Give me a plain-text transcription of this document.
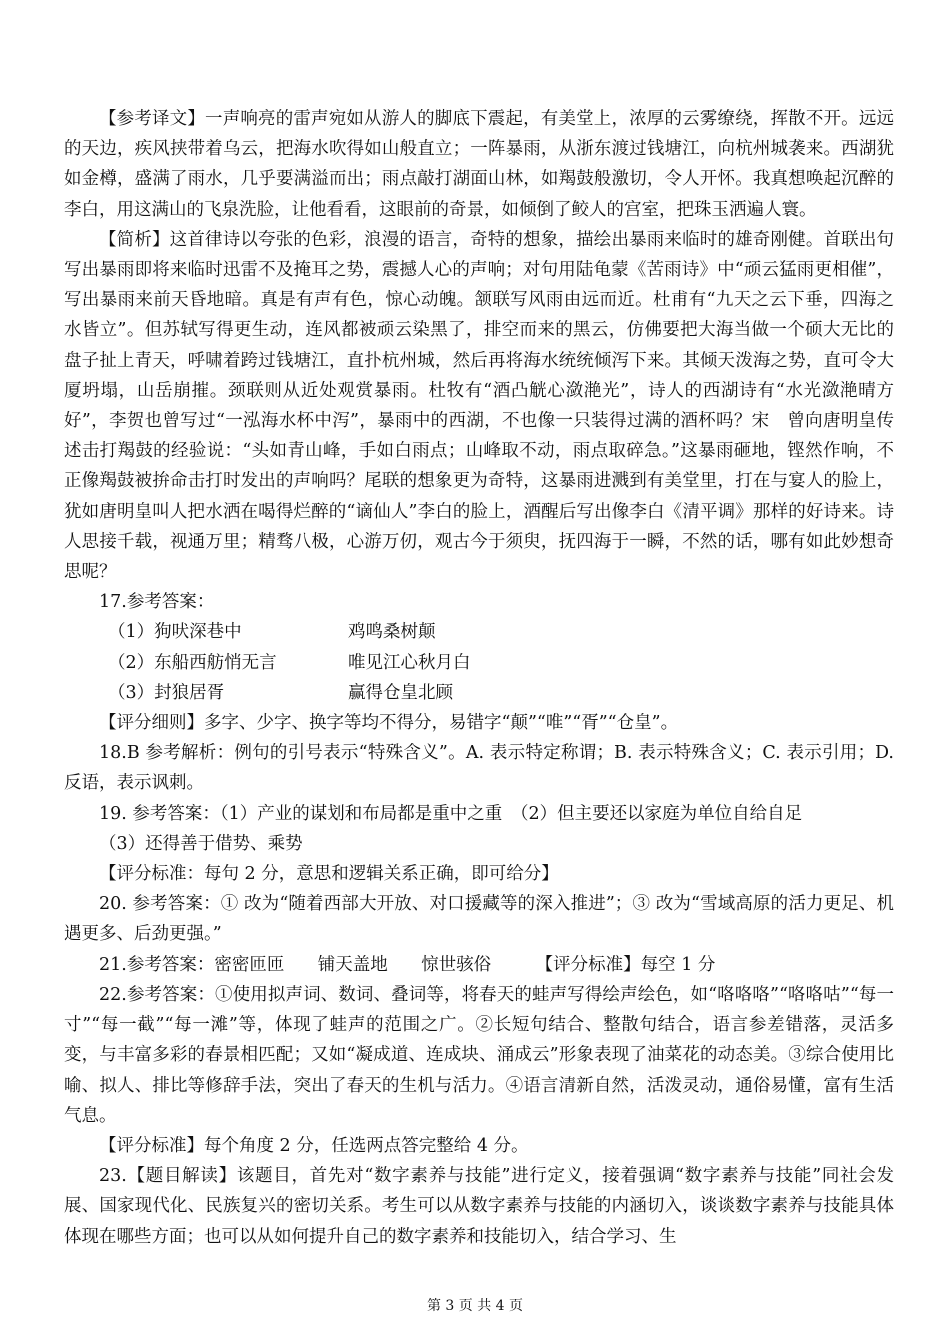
【参考译文】一声响亮的雷声宛如从游人的脚底下震起，有美堂上，浓厚的云雾缭绕，挥散不开。远远的天边，疾风挟带着乌云，把海水吹得如山般直立；一阵暴雨，从浙东渡过钱塘江，向杭州城袭来。西湖犹如金樽，盛满了雨水，几乎要满溢而出；雨点敲打湖面山林，如羯鼓般激切，令人开怀。我真想唤起沉醉的李白，用这满山的飞泉洗脸，让他看看，这眼前的奇景，如倾倒了鲛人的宫室，把珠玉洒遍人寰。

【简析】这首律诗以夸张的色彩，浪漫的语言，奇特的想象，描绘出暴雨来临时的雄奇刚健。首联出句写出暴雨即将来临时迅雷不及掩耳之势，震撼人心的声响；对句用陆龟蒙《苦雨诗》中“顽云猛雨更相催”，写出暴雨来前天昏地暗。真是有声有色，惊心动魄。颔联写风雨由远而近。杜甫有“九天之云下垂，四海之水皆立”。但苏轼写得更生动，连风都被顽云染黑了，排空而来的黑云，仿佛要把大海当做一个硕大无比的盘子扯上青天，呼啸着跨过钱塘江，直扑杭州城，然后再将海水统统倾泻下来。其倾天泼海之势，直可令大厦坍塌，山岳崩摧。颈联则从近处观赏暴雨。杜牧有“酒凸觥心潋滟光”，诗人的西湖诗有“水光潋滟晴方好”，李贺也曾写过“一泓海水杯中泻”，暴雨中的西湖，不也像一只装得过满的酒杯吗？宋　曾向唐明皇传述击打羯鼓的经验说：“头如青山峰，手如白雨点；山峰取不动，雨点取碎急。”这暴雨砸地，铿然作响，不正像羯鼓被拚命击打时发出的声响吗？尾联的想象更为奇特，这暴雨进溅到有美堂里，打在与宴人的脸上，犹如唐明皇叫人把水洒在喝得烂醉的“谪仙人”李白的脸上，酒醒后写出像李白《清平调》那样的好诗来。诗人思接千载，视通万里；精骛八极，心游万仞，观古今于须臾，抚四海于一瞬，不然的话，哪有如此妙想奇思呢？

17.参考答案：

（1）狗吠深巷中	鸡鸣桑树颠
（2）东船西舫悄无言	唯见江心秋月白
（3）封狼居胥	赢得仓皇北顾

【评分细则】多字、少字、换字等均不得分，易错字“颠”“唯”“胥”“仓皇”。

18.B 参考解析：例句的引号表示“特殊含义”。A. 表示特定称谓；B. 表示特殊含义；C. 表示引用；D. 反语，表示讽刺。

19. 参考答案：（1）产业的谋划和布局都是重中之重　（2）但主要还以家庭为单位自给自足

（3）还得善于借势、乘势

【评分标准：每句 2 分，意思和逻辑关系正确，即可给分】

20. 参考答案：① 改为“随着西部大开放、对口援藏等的深入推进”；③ 改为“雪域高原的活力更足、机遇更多、后劲更强。”

21.参考答案：密密匝匝 铺天盖地 惊世骇俗	【评分标准】每空 1 分

22.参考答案：①使用拟声词、数词、叠词等，将春天的蛙声写得绘声绘色，如“咯咯咯”“咯咯咕”“每一寸”“每一截”“每一滩”等，体现了蛙声的范围之广。②长短句结合、整散句结合，语言参差错落，灵活多变，与丰富多彩的春景相匹配；又如“凝成道、连成块、涌成云”形象表现了油菜花的动态美。③综合使用比喻、拟人、排比等修辞手法，突出了春天的生机与活力。④语言清新自然，活泼灵动，通俗易懂，富有生活气息。

【评分标准】每个角度 2 分，任选两点答完整给 4 分。

23.【题目解读】该题目，首先对“数字素养与技能”进行定义，接着强调“数字素养与技能”同社会发展、国家现代化、民族复兴的密切关系。考生可以从数字素养与技能的内涵切入，谈谈数字素养与技能具体体现在哪些方面；也可以从如何提升自己的数字素养和技能切入，结合学习、生

第 3 页 共 4 页
